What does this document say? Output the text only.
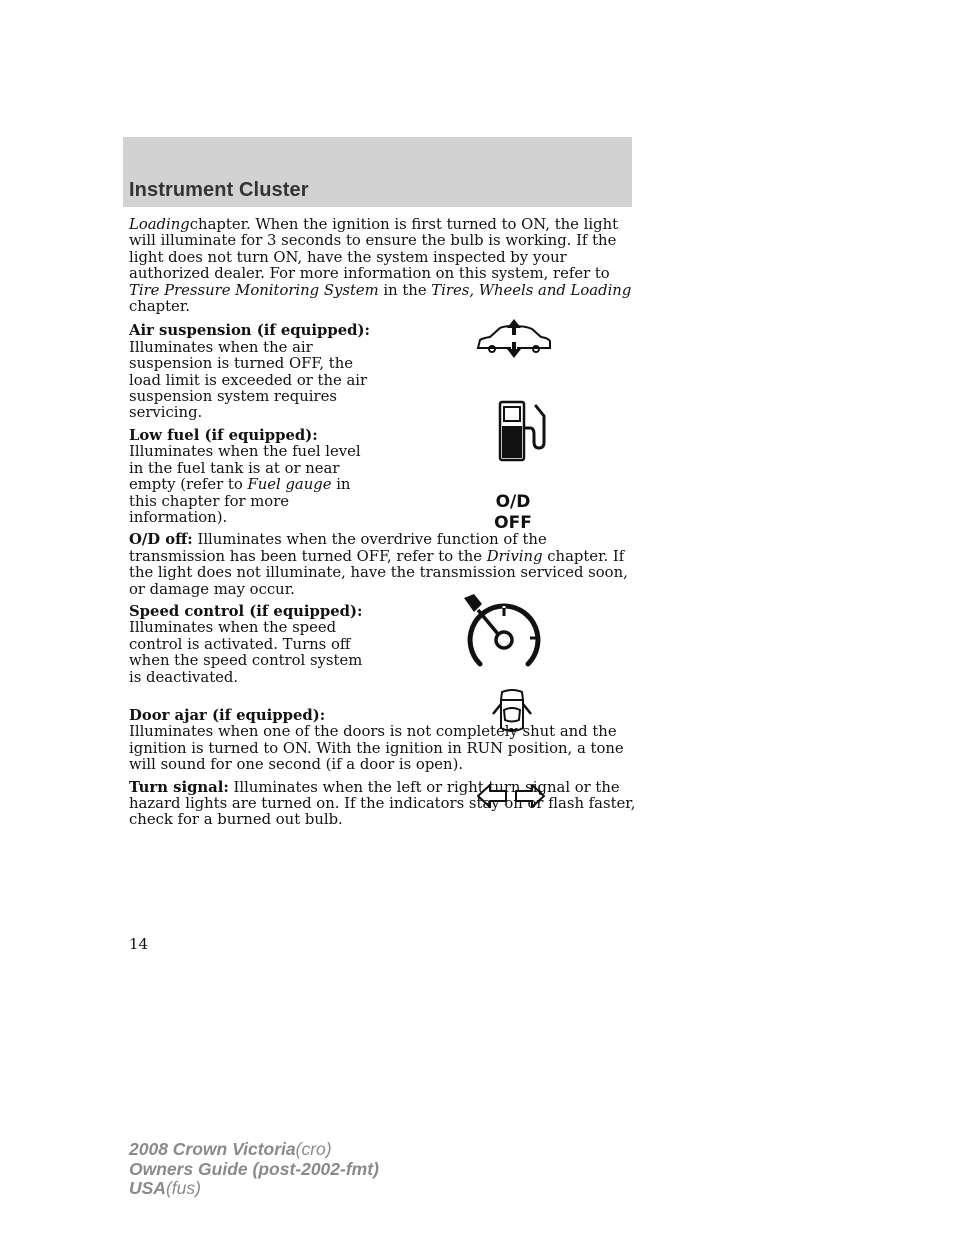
Instrument Cluster

Loadingchapter. When the ignition is first turned to ON, the light will illuminate for 3 seconds to ensure the bulb is working. If the light does not turn ON, have the system inspected by your authorized dealer. For more information on this system, refer to Tire Pressure Monitoring System in the Tires, Wheels and Loading chapter.

Air suspension (if equipped):
Illuminates when the air suspension is turned OFF, the load limit is exceeded or the air suspension system requires servicing.

Low fuel (if equipped):
Illuminates when the fuel level in the fuel tank is at or near empty (refer to Fuel gauge in this chapter for more information).

O/D off: Illuminates when the overdrive function of the transmission has been turned OFF, refer to the Driving chapter. If the light does not illuminate, have the transmission serviced soon, or damage may occur.

Speed control (if equipped):
Illuminates when the speed control is activated. Turns off when the speed control system is deactivated.

Door ajar (if equipped):
Illuminates when one of the doors is not completely shut and the ignition is turned to ON. With the ignition in RUN position, a tone will sound for one second (if a door is open).

Turn signal: Illuminates when the left or right turn signal or the hazard lights are turned on. If the indicators stay on or flash faster, check for a burned out bulb.

O/D
OFF
14
2008 Crown Victoria(cro)
Owners Guide (post-2002-fmt)
USA(fus)
